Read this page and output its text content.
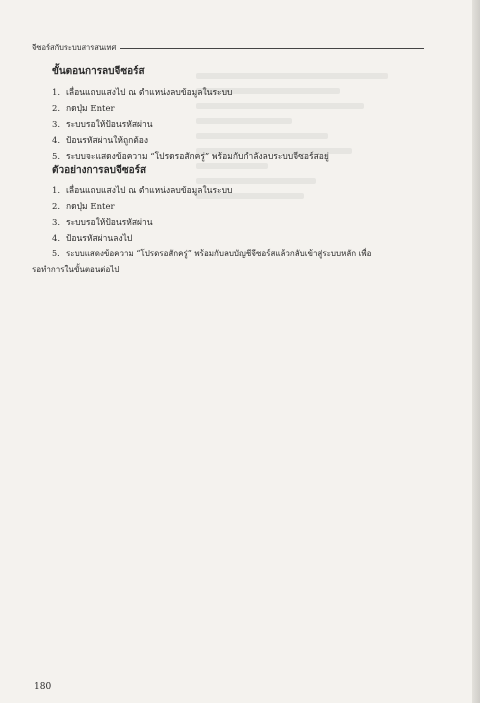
จีซอร์สกับระบบสารสนเทศ
ขั้นตอนการลบจีซอร์ส
1. เลื่อนแถบแสงไป ณ ตำแหน่งลบข้อมูลในระบบ
2. กดปุ่ม Enter
3. ระบบรอให้ป้อนรหัสผ่าน
4. ป้อนรหัสผ่านให้ถูกต้อง
5. ระบบจะแสดงข้อความ “โปรดรอสักครู่” พร้อมกับกำลังลบระบบจีซอร์สอยู่
ตัวอย่างการลบจีซอร์ส
1. เลื่อนแถบแสงไป ณ ตำแหน่งลบข้อมูลในระบบ
2. กดปุ่ม Enter
3. ระบบรอให้ป้อนรหัสผ่าน
4. ป้อนรหัสผ่านลงไป
5. ระบบแสดงข้อความ “โปรดรอสักครู่” พร้อมกับลบบัญชีจีซอร์สแล้วกลับเข้าสู่ระบบหลัก เพื่อ
รอทำการในขั้นตอนต่อไป
180
